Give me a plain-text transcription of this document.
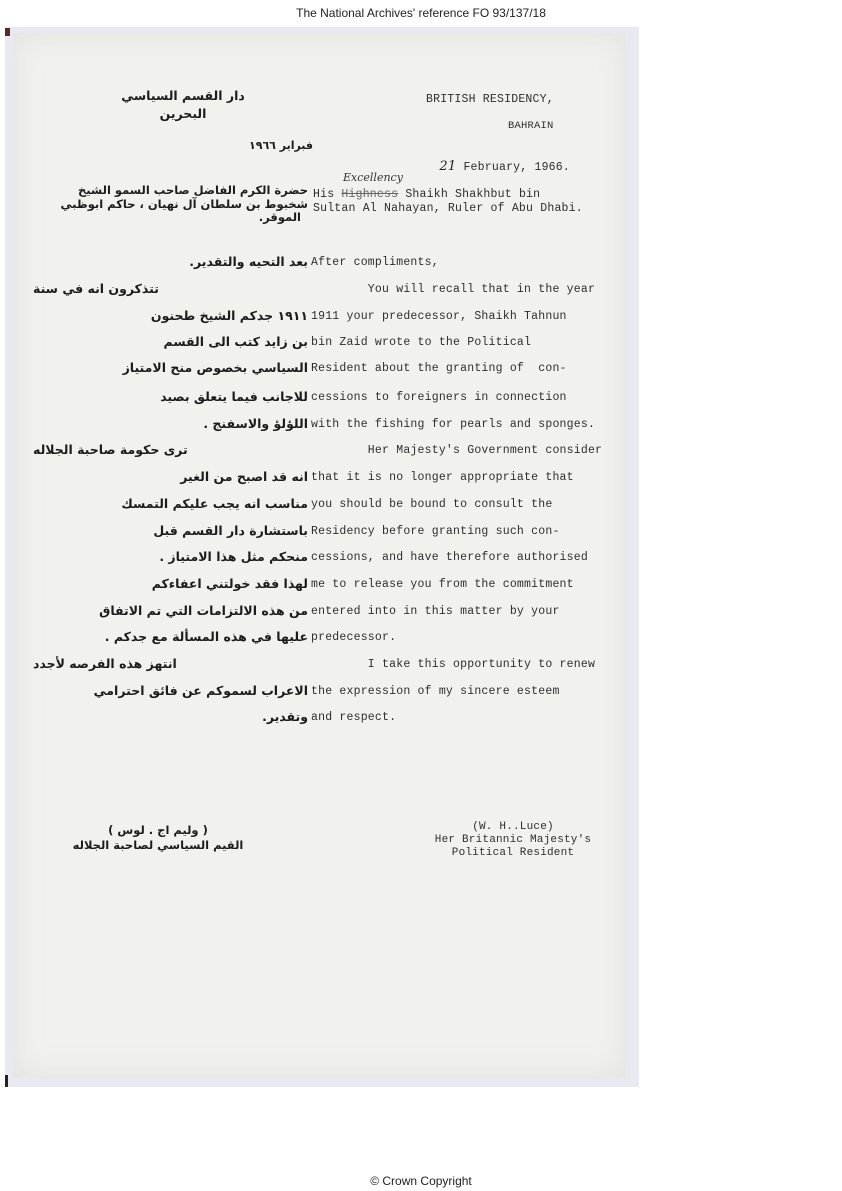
The National Archives' reference FO 93/137/18
BRITISH RESIDENCY,
BAHRAIN

21 February, 1966.

دار القسم السياسي
البحرين
فبراير ١٩٦٦
Excellency
His Highness Shaikh Shakhbut bin
Sultan Al Nahayan, Ruler of Abu Dhabi.
حضرة الكرم الفاضل صاحب السمو الشيخ
شخبوط بن سلطان آل نهيان ، حاكم ابوظبي
الموقر.
After compliments,
You will recall that in the year
1911 your predecessor, Shaikh Tahnun
bin Zaid wrote to the Political
Resident about the granting of  con-
cessions to foreigners in connection
with the fishing for pearls and sponges.
Her Majesty's Government consider
that it is no longer appropriate that
you should be bound to consult the
Residency before granting such con-
cessions, and have therefore authorised
me to release you from the commitment
entered into in this matter by your
predecessor.
I take this opportunity to renew
the expression of my sincere esteem
and respect.
بعد التحيه والتقدير.
تتذكرون انه في سنة
١٩١١ جدكم الشيخ طحنون
بن زايد كتب الى القسم
السياسي بخصوص منح الامتياز
للاجانب فيما يتعلق بصيد
اللؤلؤ والاسفنج .
ترى حكومة صاحبة الجلاله
انه قد اصبح من الغير
مناسب انه يجب عليكم التمسك
باستشارة دار القسم قبل
منحكم مثل هذا الامتياز .
لهذا فقد خولتني اعفاءكم
من هذه الالتزامات التي تم الاتفاق
عليها في هذه المسألة مع جدكم .
انتهز هذه الفرصه لأجدد
الاعراب لسموكم عن فائق احترامي
وتقدير.
(W. H..Luce)
Her Britannic Majesty's
Political Resident
( وليم اج . لوس )
القيم السياسي لصاحبة الجلاله
© Crown Copyright
